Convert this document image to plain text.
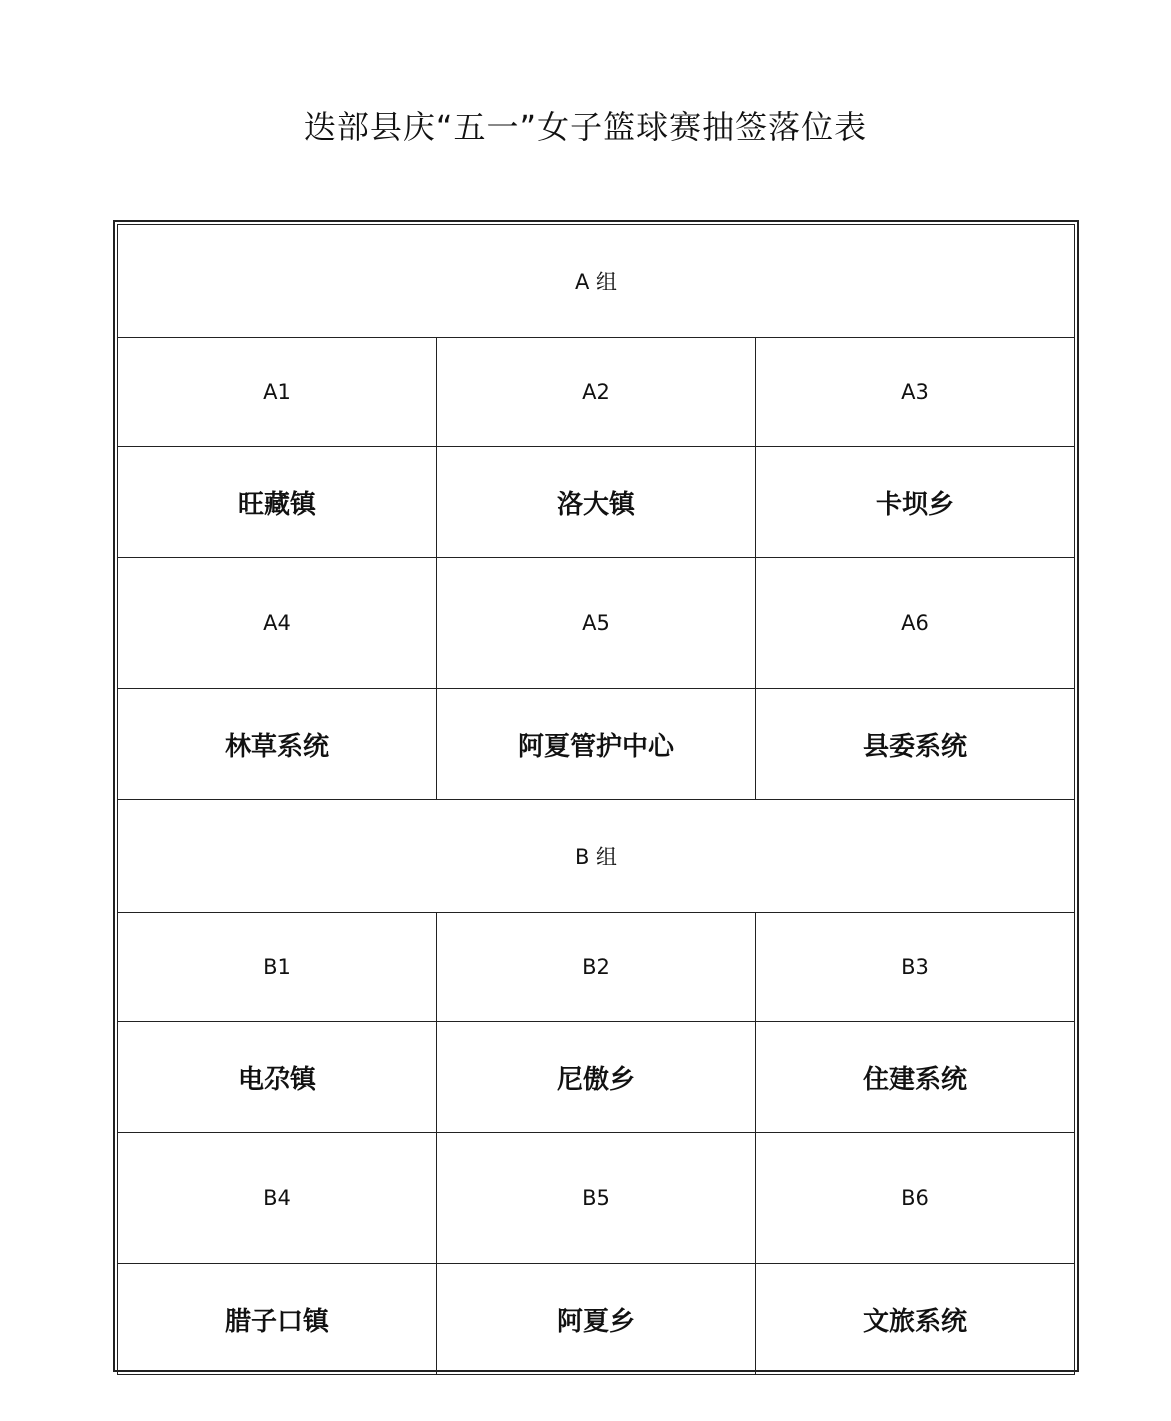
迭部县庆“五一”女子篮球赛抽签落位表
A 组		
A1	A2	A3
旺藏镇	洛大镇	卡坝乡
A4	A5	A6
林草系统	阿夏管护中心	县委系统
B 组		
B1	B2	B3
电尕镇	尼傲乡	住建系统
B4	B5	B6
腊子口镇	阿夏乡	文旅系统
